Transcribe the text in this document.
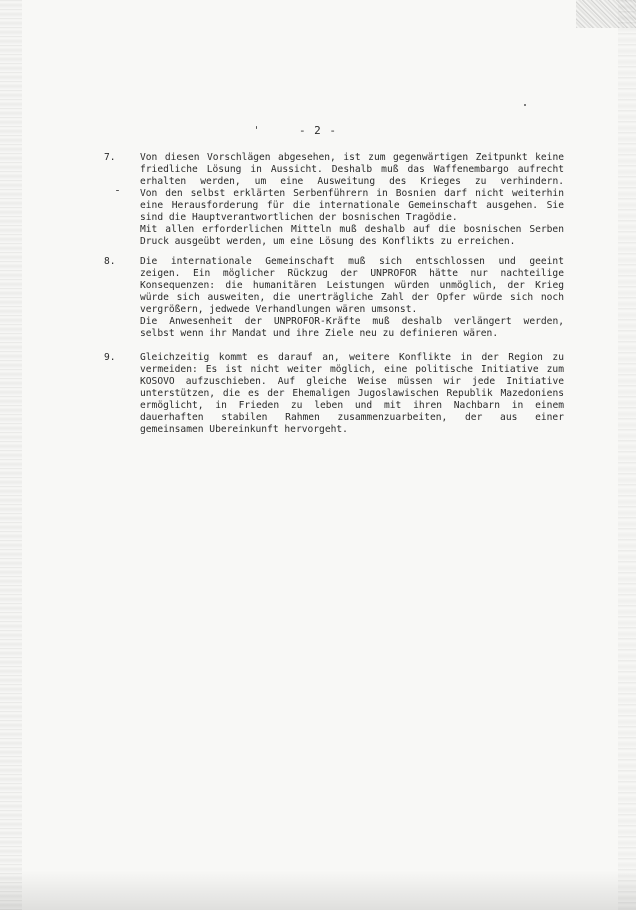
- 2 -
7.	Von diesen Vorschlägen abgesehen, ist zum gegenwärtigen Zeitpunkt keine
friedliche Lösung in Aussicht. Deshalb muß das Waffenembargo aufrecht
erhalten werden, um eine Ausweitung des Krieges zu verhindern.
Von den selbst erklärten Serbenführern in Bosnien darf nicht weiterhin
eine Herausforderung für die internationale Gemeinschaft ausgehen. Sie
sind die Hauptverantwortlichen der bosnischen Tragödie.
Mit allen erforderlichen Mitteln muß deshalb auf die bosnischen Serben
Druck ausgeübt werden, um eine Lösung des Konflikts zu erreichen.
8.	Die internationale Gemeinschaft muß sich entschlossen und geeint
zeigen. Ein möglicher Rückzug der UNPROFOR hätte nur nachteilige
Konsequenzen: die humanitären Leistungen würden unmöglich, der Krieg
würde sich ausweiten, die unerträgliche Zahl der Opfer würde sich noch
vergrößern, jedwede Verhandlungen wären umsonst.
Die Anwesenheit der UNPROFOR-Kräfte muß deshalb verlängert werden,
selbst wenn ihr Mandat und ihre Ziele neu zu definieren wären.
9.	Gleichzeitig kommt es darauf an, weitere Konflikte in der Region zu
vermeiden: Es ist nicht weiter möglich, eine politische Initiative zum
KOSOVO aufzuschieben. Auf gleiche Weise müssen wir jede Initiative
unterstützen, die es der Ehemaligen Jugoslawischen Republik Mazedoniens
ermöglicht, in Frieden zu leben und mit ihren Nachbarn in einem
dauerhaften stabilen Rahmen zusammenzuarbeiten, der aus einer
gemeinsamen Übereinkunft hervorgeht.
